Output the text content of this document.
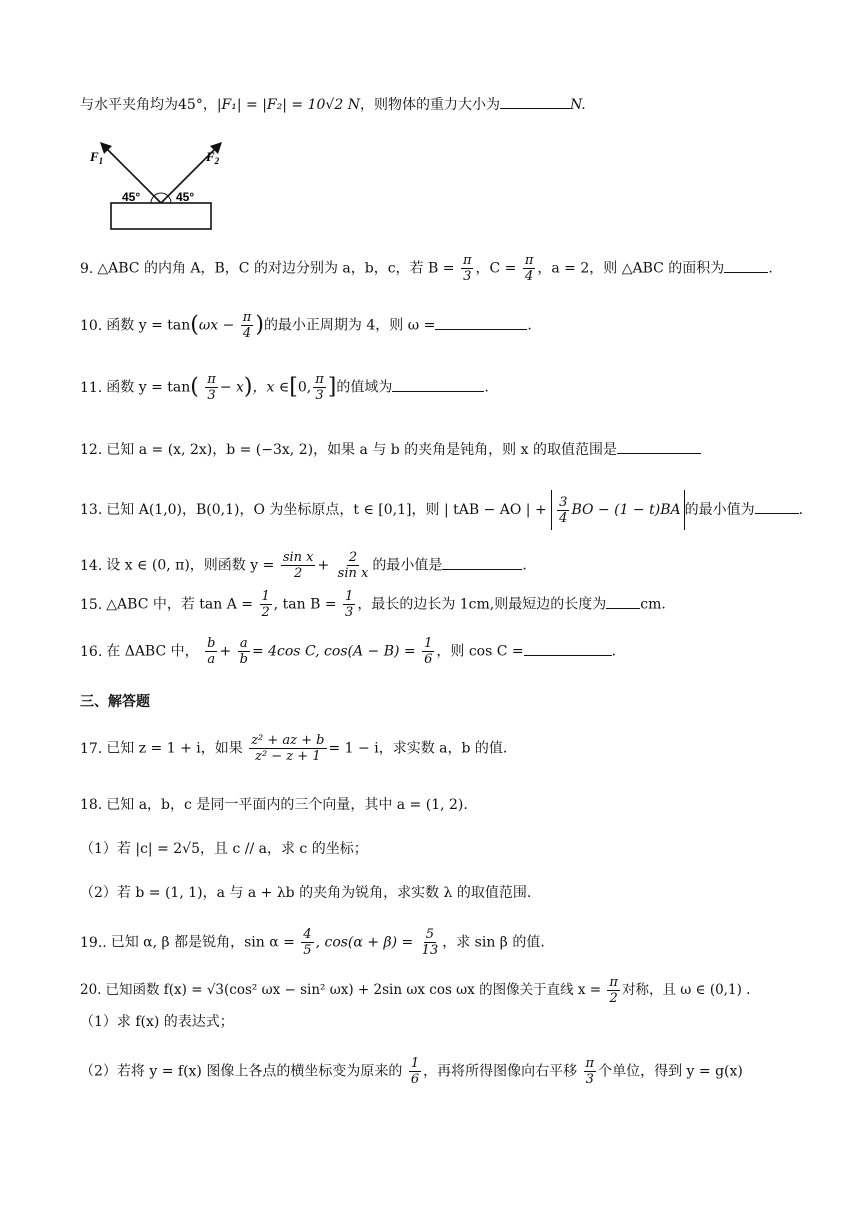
与水平夹角均为45°，|F₁| = |F₂| = 10√2 N，则物体的重力大小为	N.
$F_1$	$F_2$
45°	45°
9. △ABC 的内角 A，B，C 的对边分别为 a，b，c，若 $B = \frac{\pi}{3}$ ，$C = \frac{\pi}{4}$ ，a = 2，则 △ABC 的面积为	.
10. 函数 $y = \tan(\omega x - \frac{\pi}{4}$ )的最小正周期为 4，则 ω =	.
11. 函数 $y = \tan( \frac{\pi}{3} - x)$，x ∈[0, $\frac{\pi}{3}$ ]的值域为	.
12. 已知 a = (x, 2x)，b = (−3x, 2)，如果 a 与 b 的夹角是钝角，则 x 的取值范围是
13. 已知 A(1,0)，B(0,1)，O 为坐标原点，t ∈ [0,1]，则 | tAB − AO | + $\frac{3}{4}$ BO − (1 − t)BA 的最小值为	.
14. 设 x ∈ (0, π)，则函数 $y = \frac{\text{sin x}}{2} + \frac{2}{\text{sin x}}$ 的最小值是	.
15. △ABC 中，若 $\tan A = \frac{1}{2}$ , $\tan B = \frac{1}{3}$ ，最长的边长为 1cm,则最短边的长度为 cm.
16. 在 ΔABC 中， $\frac{b}{a} + \frac{a}{b} = 4\cos$ C, $\cos(A - B) = \frac{1}{6}$ ，则 cos C =	.
三、解答题
17. 已知 z = 1 + i，如果 $\frac{\text{z² + az + b}}{\text{z² − z + 1}} = 1 - i$，求实数 a，b 的值.
18. 已知 a，b，c 是同一平面内的三个向量，其中 a = (1, 2).
（1）若 |c| = 2√5，且 c // a，求 c 的坐标；
（2）若 b = (1, 1)，a 与 a + λb 的夹角为锐角，求实数 λ 的取值范围.
19.. 已知 α, β 都是锐角，$\sin \alpha = \frac{4}{5}$ , $\cos(\alpha + \beta) = \frac{5}{13}$ ，求 sin β 的值.
20. 已知函数 f(x) = √3(cos² ωx − sin² ωx) + 2sin ωx cos ωx 的图像关于直线 $x = \frac{\pi}{2}$ 对称，且 ω ∈ (0,1) .
（1）求 f(x) 的表达式；
（2）若将 y = f(x) 图像上各点的横坐标变为原来的 $\frac{1}{6}$ ，再将所得图像向右平移 $\frac{\pi}{3}$ 个单位，得到 y = g(x)
